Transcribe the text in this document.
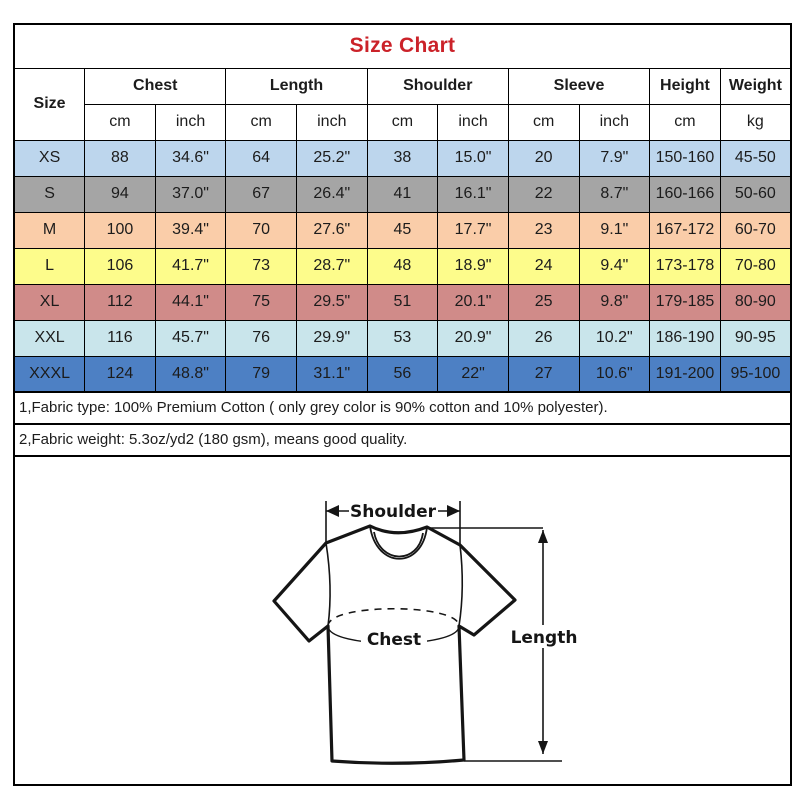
Size Chart										
Size	Chest		Length		Shoulder		Sleeve		Height	Weight
	cm	inch	cm	inch	cm	inch	cm	inch	cm	kg
XS	88	34.6"	64	25.2"	38	15.0"	20	7.9"	150-160	45-50
S	94	37.0"	67	26.4"	41	16.1"	22	8.7"	160-166	50-60
M	100	39.4"	70	27.6"	45	17.7"	23	9.1"	167-172	60-70
L	106	41.7"	73	28.7"	48	18.9"	24	9.4"	173-178	70-80
XL	112	44.1"	75	29.5"	51	20.1"	25	9.8"	179-185	80-90
XXL	116	45.7"	76	29.9"	53	20.9"	26	10.2"	186-190	90-95
XXXL	124	48.8"	79	31.1"	56	22"	27	10.6"	191-200	95-100
1,Fabric type: 100% Premium Cotton ( only grey color is 90% cotton and 10% polyester).
2,Fabric weight: 5.3oz/yd2 (180 gsm), means good quality.
Shoulder
Chest	Length
